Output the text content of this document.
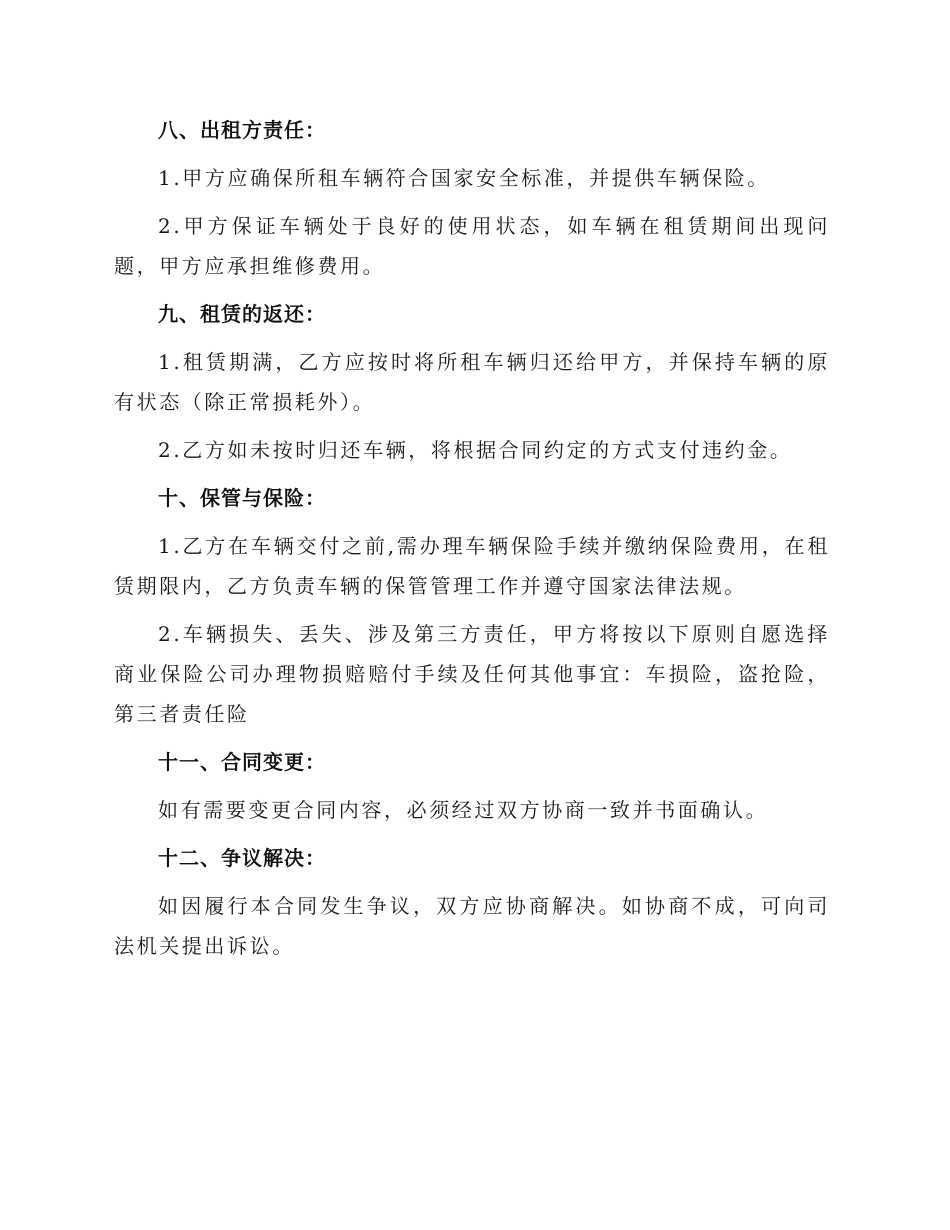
八、出租方责任：

1.甲方应确保所租车辆符合国家安全标准，并提供车辆保险。

2.甲方保证车辆处于良好的使用状态，如车辆在租赁期间出现问题，甲方应承担维修费用。

九、租赁的返还：

1.租赁期满，乙方应按时将所租车辆归还给甲方，并保持车辆的原有状态（除正常损耗外）。

2.乙方如未按时归还车辆，将根据合同约定的方式支付违约金。

十、保管与保险：

1.乙方在车辆交付之前,需办理车辆保险手续并缴纳保险费用，在租赁期限内，乙方负责车辆的保管管理工作并遵守国家法律法规。

2.车辆损失、丢失、涉及第三方责任，甲方将按以下原则自愿选择商业保险公司办理物损赔赔付手续及任何其他事宜：车损险，盗抢险，第三者责任险

十一、合同变更：

如有需要变更合同内容，必须经过双方协商一致并书面确认。

十二、争议解决：

如因履行本合同发生争议，双方应协商解决。如协商不成，可向司法机关提出诉讼。
